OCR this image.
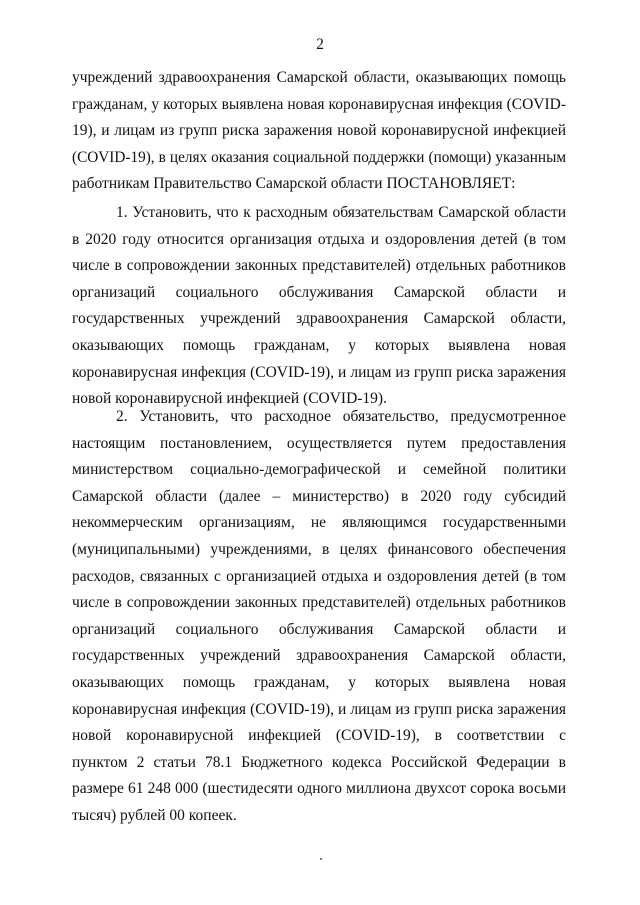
2
учреждений здравоохранения Самарской области, оказывающих помощь
гражданам, у которых выявлена новая коронавирусная инфекция (COVID-
19), и лицам из групп риска заражения новой коронавирусной инфекцией
(COVID-19), в целях оказания социальной поддержки (помощи) указанным
работникам Правительство Самарской области ПОСТАНОВЛЯЕТ:
1. Установить, что к расходным обязательствам Самарской области
в 2020 году относится организация отдыха и оздоровления детей (в том
числе в сопровождении законных представителей) отдельных работников
организаций социального обслуживания Самарской области и
государственных учреждений здравоохранения Самарской области,
оказывающих помощь гражданам, у которых выявлена новая
коронавирусная инфекция (COVID-19), и лицам из групп риска заражения
новой коронавирусной инфекцией (COVID-19).
2. Установить, что расходное обязательство, предусмотренное
настоящим постановлением, осуществляется путем предоставления
министерством социально-демографической и семейной политики
Самарской области (далее – министерство) в 2020 году субсидий
некоммерческим организациям, не являющимся государственными
(муниципальными) учреждениями, в целях финансового обеспечения
расходов, связанных с организацией отдыха и оздоровления детей (в том
числе в сопровождении законных представителей) отдельных работников
организаций социального обслуживания Самарской области и
государственных учреждений здравоохранения Самарской области,
оказывающих помощь гражданам, у которых выявлена новая
коронавирусная инфекция (COVID-19), и лицам из групп риска заражения
новой коронавирусной инфекцией (COVID-19), в соответствии с
пунктом 2 статьи 78.1 Бюджетного кодекса Российской Федерации в
размере 61 248 000 (шестидесяти одного миллиона двухсот сорока восьми
тысяч) рублей 00 копеек.
